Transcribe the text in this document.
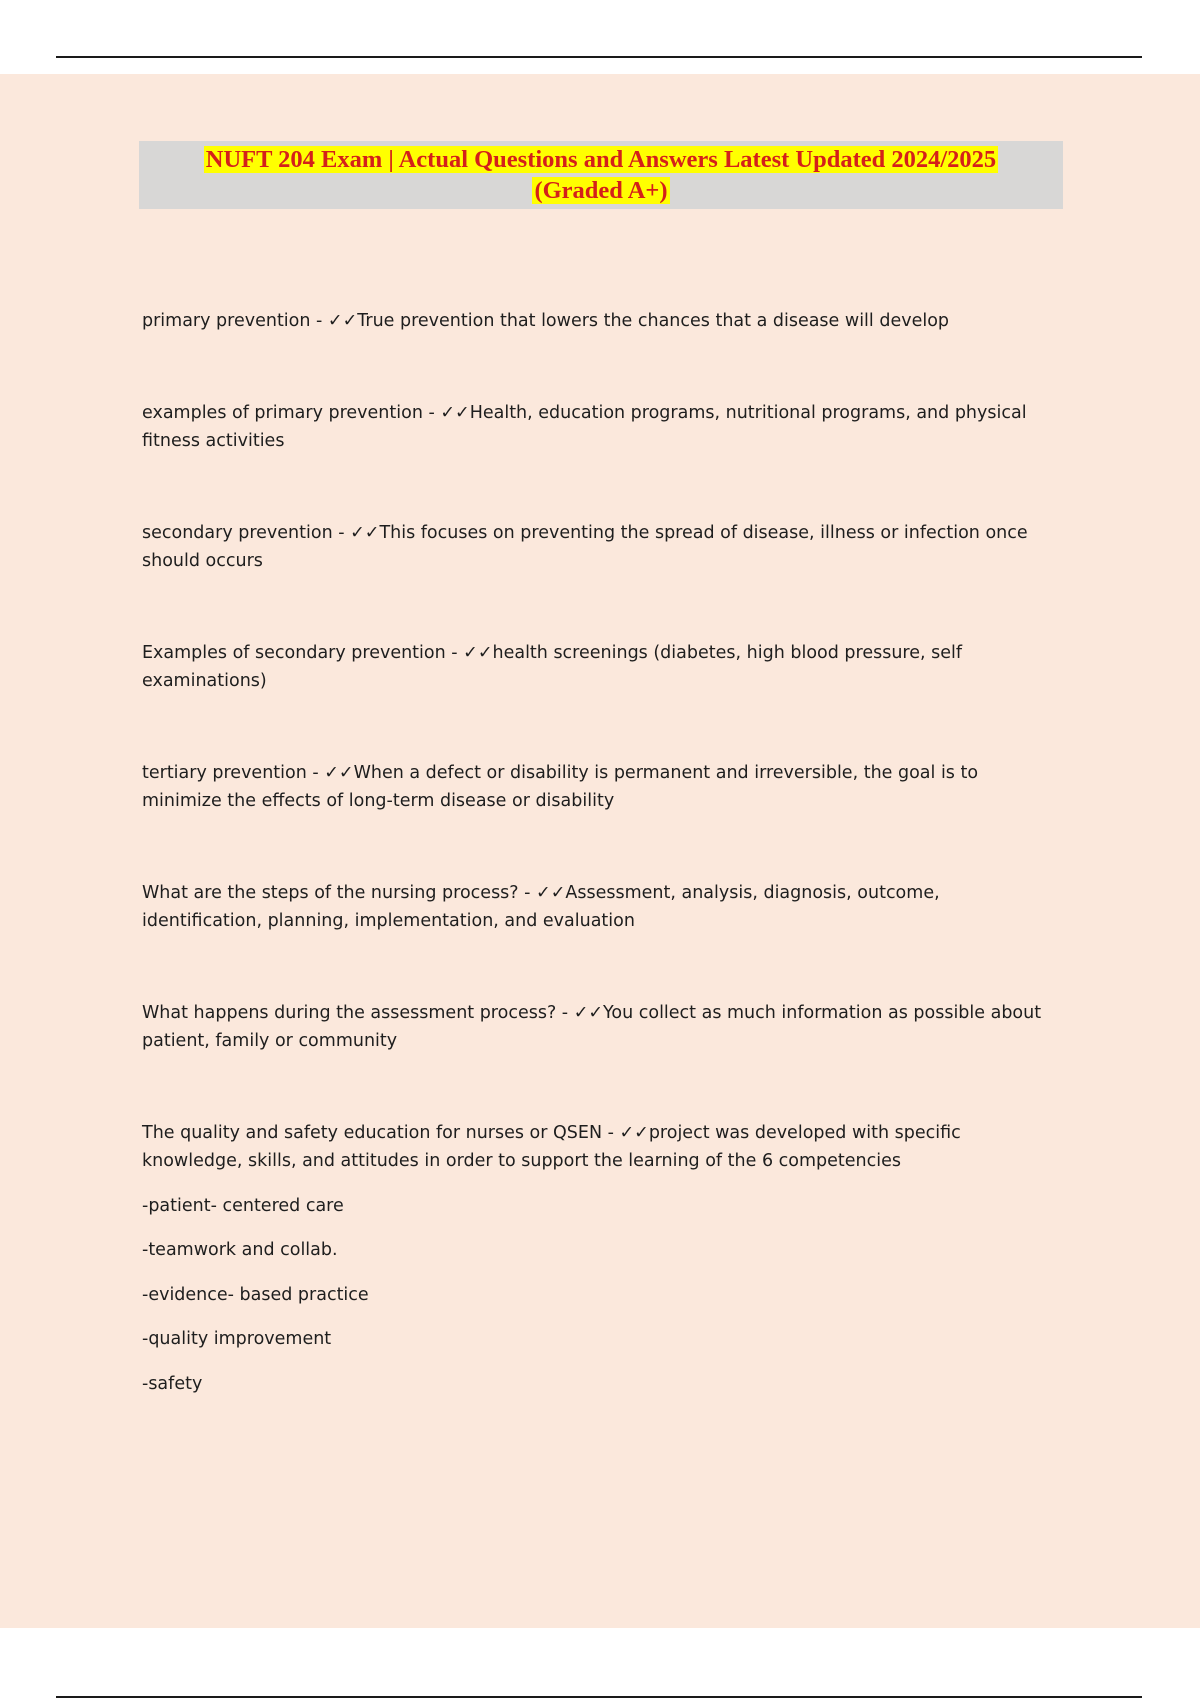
NUFT 204 Exam | Actual Questions and Answers Latest Updated 2024/2025
(Graded A+)

primary prevention - ✓✓True prevention that lowers the chances that a disease will develop

examples of primary prevention - ✓✓Health, education programs, nutritional programs, and physical fitness activities

secondary prevention - ✓✓This focuses on preventing the spread of disease, illness or infection once should occurs

Examples of secondary prevention - ✓✓health screenings (diabetes, high blood pressure, self examinations)

tertiary prevention - ✓✓When a defect or disability is permanent and irreversible, the goal is to minimize the effects of long-term disease or disability

What are the steps of the nursing process? - ✓✓Assessment, analysis, diagnosis, outcome, identification, planning, implementation, and evaluation

What happens during the assessment process? - ✓✓You collect as much information as possible about patient, family or community

The quality and safety education for nurses or QSEN - ✓✓project was developed with specific knowledge, skills, and attitudes in order to support the learning of the 6 competencies

-patient- centered care

-teamwork and collab.

-evidence- based practice

-quality improvement

-safety
